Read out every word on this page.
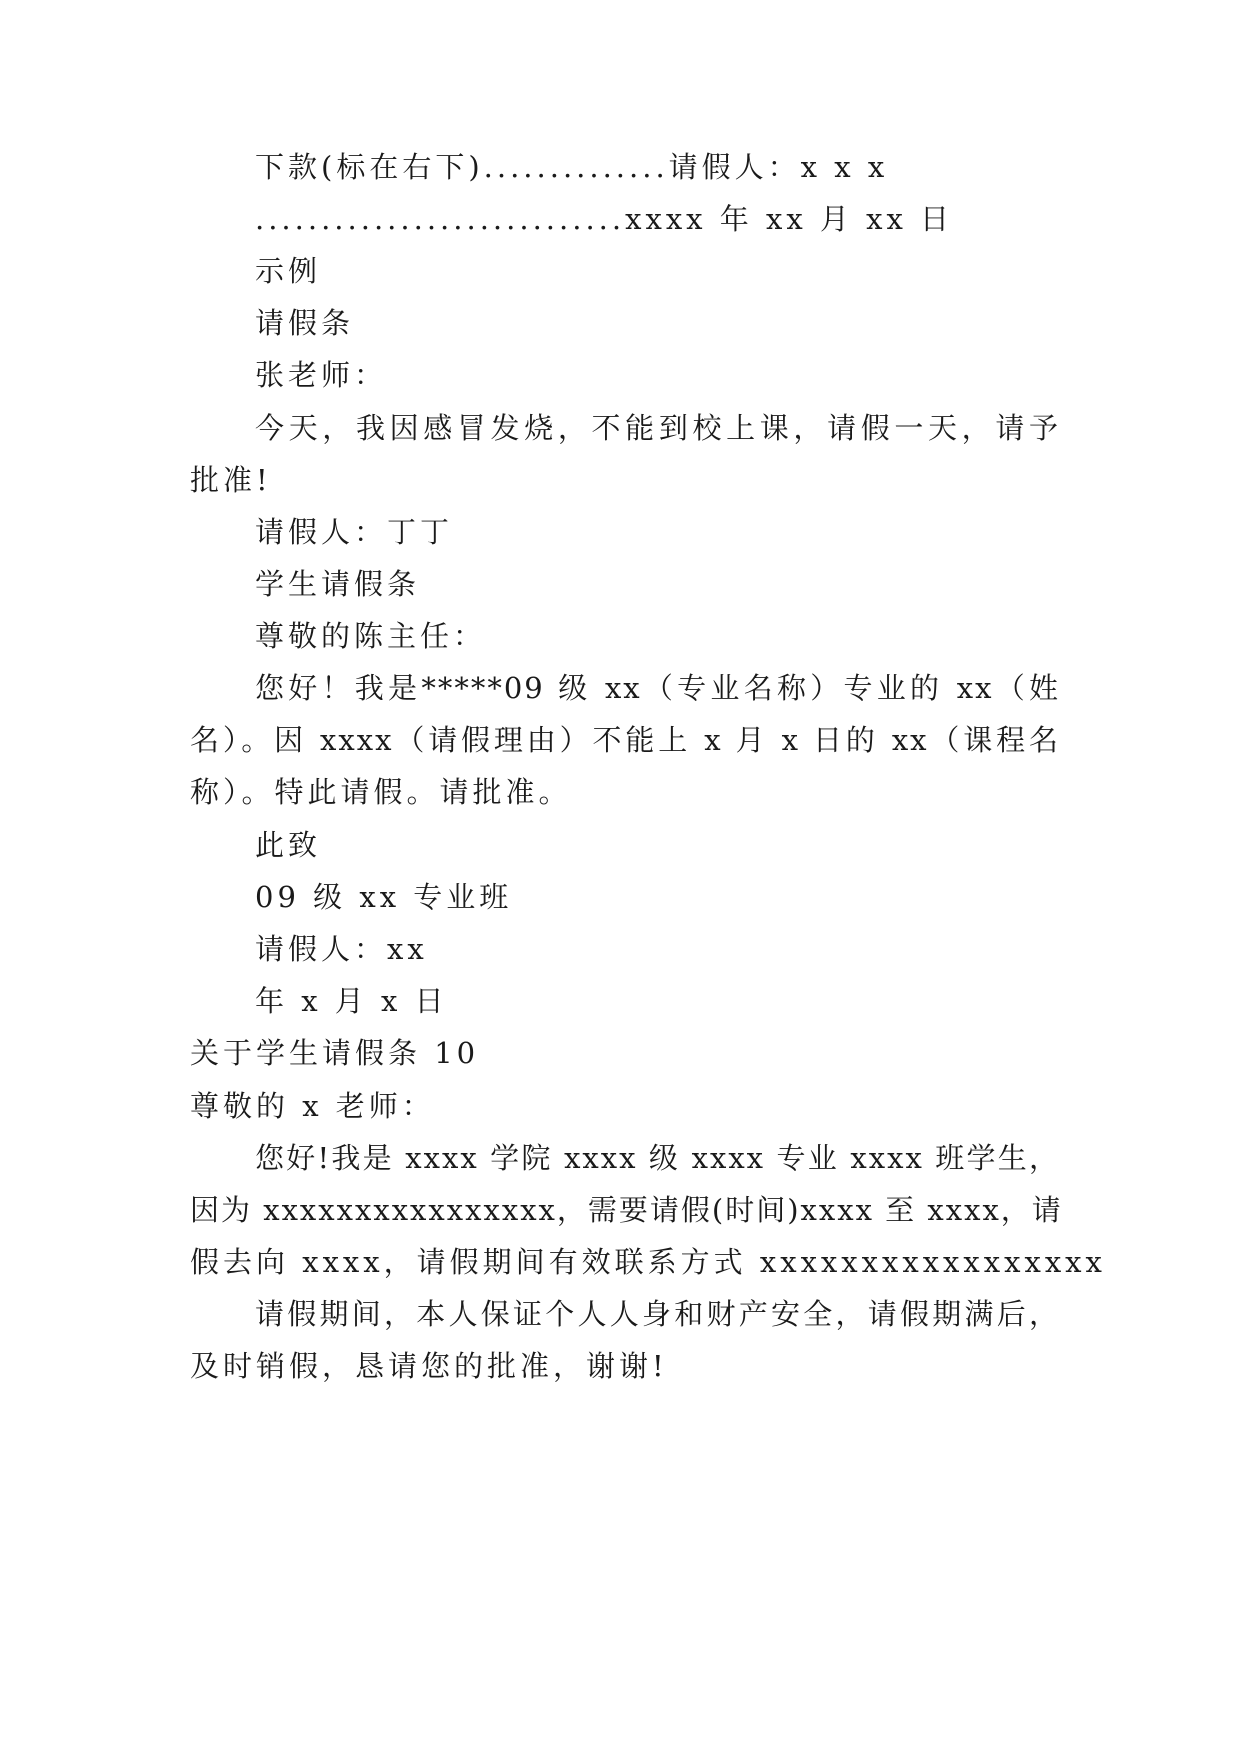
下款(标在右下)..............请假人：x x x
............................xxxx 年 xx 月 xx 日
示例
请假条
张老师：
今天，我因感冒发烧，不能到校上课，请假一天，请予
批准!
请假人：丁丁
学生请假条
尊敬的陈主任：
您好！我是*****09 级 xx（专业名称）专业的 xx（姓
名）。因 xxxx（请假理由）不能上 x 月 x 日的 xx（课程名
称）。特此请假。请批准。
此致
09 级 xx 专业班
请假人：xx
年 x 月 x 日
关于学生请假条 10
尊敬的 x 老师：
您好!我是 xxxx 学院 xxxx 级 xxxx 专业 xxxx 班学生，
因为 xxxxxxxxxxxxxxxx，需要请假(时间)xxxx 至 xxxx，请
假去向 xxxx，请假期间有效联系方式 xxxxxxxxxxxxxxxxx
请假期间，本人保证个人人身和财产安全，请假期满后，
及时销假，恳请您的批准，谢谢!
